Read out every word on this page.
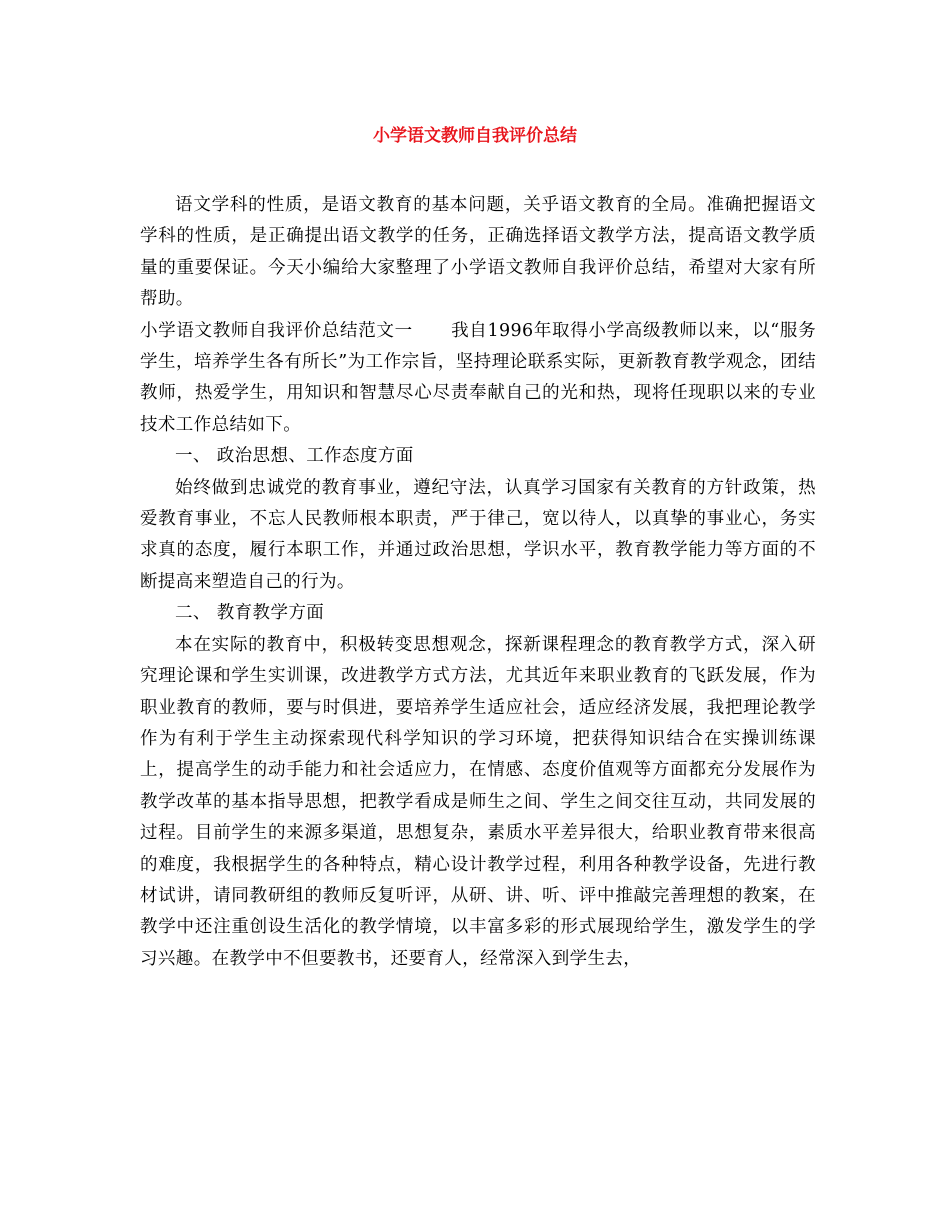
小学语文教师自我评价总结

语文学科的性质，是语文教育的基本问题，关乎语文教育的全局。准确把握语文学科的性质，是正确提出语文教学的任务，正确选择语文教学方法，提高语文教学质量的重要保证。今天小编给大家整理了小学语文教师自我评价总结，希望对大家有所帮助。

小学语文教师自我评价总结范文一 我自1996年取得小学高级教师以来，以“服务学生，培养学生各有所长”为工作宗旨，坚持理论联系实际，更新教育教学观念，团结教师，热爱学生，用知识和智慧尽心尽责奉献自己的光和热，现将任现职以来的专业技术工作总结如下。

一、 政治思想、工作态度方面

始终做到忠诚党的教育事业，遵纪守法，认真学习国家有关教育的方针政策，热爱教育事业，不忘人民教师根本职责，严于律己，宽以待人，以真挚的事业心，务实求真的态度，履行本职工作，并通过政治思想，学识水平，教育教学能力等方面的不断提高来塑造自己的行为。

二、 教育教学方面

本在实际的教育中，积极转变思想观念，探新课程理念的教育教学方式，深入研究理论课和学生实训课，改进教学方式方法，尤其近年来职业教育的飞跃发展，作为职业教育的教师，要与时俱进，要培养学生适应社会，适应经济发展，我把理论教学作为有利于学生主动探索现代科学知识的学习环境，把获得知识结合在实操训练课上，提高学生的动手能力和社会适应力，在情感、态度价值观等方面都充分发展作为教学改革的基本指导思想，把教学看成是师生之间、学生之间交往互动，共同发展的过程。目前学生的来源多渠道，思想复杂，素质水平差异很大，给职业教育带来很高的难度，我根据学生的各种特点，精心设计教学过程，利用各种教学设备，先进行教材试讲，请同教研组的教师反复听评，从研、讲、听、评中推敲完善理想的教案，在教学中还注重创设生活化的教学情境，以丰富多彩的形式展现给学生，激发学生的学习兴趣。在教学中不但要教书，还要育人，经常深入到学生去，
